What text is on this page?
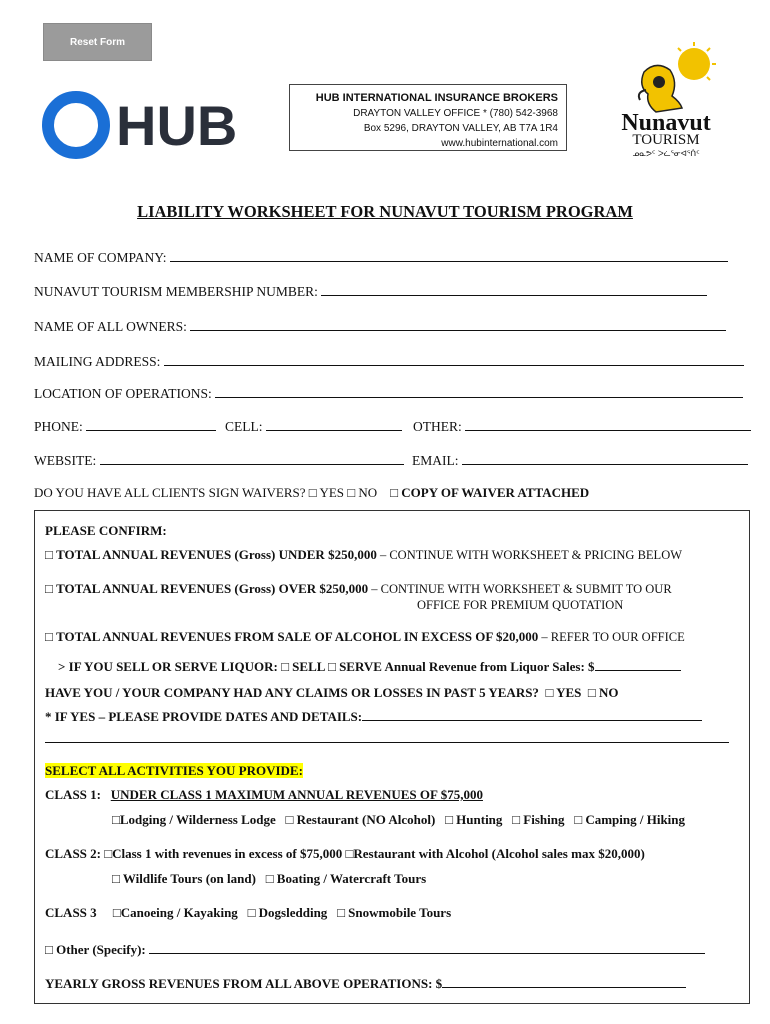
Reset Form
HUB	HUB INTERNATIONAL INSURANCE BROKERS
DRAYTON VALLEY OFFICE * (780) 542-3968
Box 5296, DRAYTON VALLEY, AB T7A 1R4
www.hubinternational.com
Nunavut
TOURISM
ᓄᓇᕗᑦ ᐳᓛᕐᓂᐊᕐᑏᑦ
LIABILITY WORKSHEET FOR NUNAVUT TOURISM PROGRAM
NAME OF COMPANY:
NUNAVUT TOURISM MEMBERSHIP NUMBER:
NAME OF ALL OWNERS:
MAILING ADDRESS:
LOCATION OF OPERATIONS:
PHONE:	CELL:	OTHER:
WEBSITE:	EMAIL:
DO YOU HAVE ALL CLIENTS SIGN WAIVERS? □ YES □ NO □ COPY OF WAIVER ATTACHED
PLEASE CONFIRM:
□ TOTAL ANNUAL REVENUES (Gross) UNDER $250,000 – CONTINUE WITH WORKSHEET & PRICING BELOW
□ TOTAL ANNUAL REVENUES (Gross) OVER $250,000 – CONTINUE WITH WORKSHEET & SUBMIT TO OUR
OFFICE FOR PREMIUM QUOTATION
□ TOTAL ANNUAL REVENUES FROM SALE OF ALCOHOL IN EXCESS OF $20,000 – REFER TO OUR OFFICE
> IF YOU SELL OR SERVE LIQUOR: □ SELL □ SERVE Annual Revenue from Liquor Sales: $
HAVE YOU / YOUR COMPANY HAD ANY CLAIMS OR LOSSES IN PAST 5 YEARS? □ YES □ NO
* IF YES – PLEASE PROVIDE DATES AND DETAILS:
SELECT ALL ACTIVITIES YOU PROVIDE:
CLASS 1: UNDER CLASS 1 MAXIMUM ANNUAL REVENUES OF $75,000
□Lodging / Wilderness Lodge □ Restaurant (NO Alcohol) □ Hunting □ Fishing □ Camping / Hiking
CLASS 2: □Class 1 with revenues in excess of $75,000 □Restaurant with Alcohol (Alcohol sales max $20,000)
□ Wildlife Tours (on land) □ Boating / Watercraft Tours
CLASS 3 □Canoeing / Kayaking □ Dogsledding □ Snowmobile Tours
□ Other (Specify):
YEARLY GROSS REVENUES FROM ALL ABOVE OPERATIONS: $
